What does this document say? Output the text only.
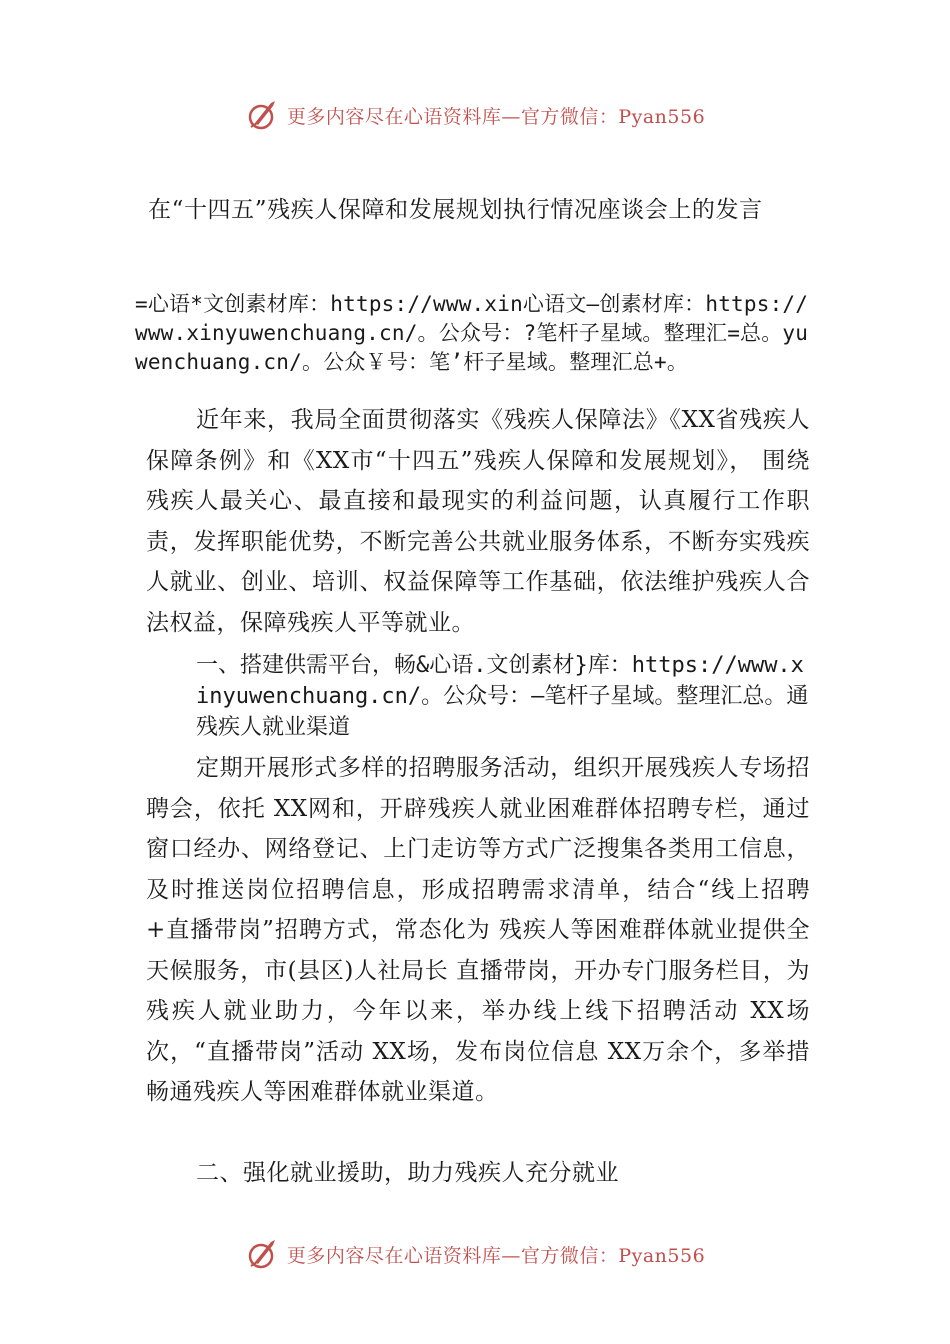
更多内容尽在心语资料库—官方微信：Pyan556
在“十四五”残疾人保障和发展规划执行情况座谈会上的发言
=心语*文创素材库：https://www.xin心语文—创素材库：https://www.xinyuwenchuang.cn/。公众号：?笔杆子星域。整理汇=总。yuwenchuang.cn/。公众￥号：笔’杆子星域。整理汇总+。
近年来，我局全面贯彻落实《残疾人保障法》《XX省残疾人保障条例》和《XX市“十四五”残疾人保障和发展规划》， 围绕残疾人最关心、最直接和最现实的利益问题，认真履行工作职责，发挥职能优势，不断完善公共就业服务体系，不断夯实残疾人就业、创业、培训、权益保障等工作基础，依法维护残疾人合法权益，保障残疾人平等就业。
一、搭建供需平台，畅&心语.文创素材}库：https://www.xinyuwenchuang.cn/。公众号：—笔杆子星域。整理汇总。通残疾人就业渠道
定期开展形式多样的招聘服务活动，组织开展残疾人专场招聘会，依托 XX网和，开辟残疾人就业困难群体招聘专栏，通过窗口经办、网络登记、上门走访等方式广泛搜集各类用工信息，及时推送岗位招聘信息，形成招聘需求清单，结合“线上招聘+直播带岗”招聘方式，常态化为 残疾人等困难群体就业提供全天候服务，市(县区)人社局长 直播带岗，开办专门服务栏目，为残疾人就业助力，今年以来，举办线上线下招聘活动 XX场次，“直播带岗”活动 XX场，发布岗位信息 XX万余个，多举措畅通残疾人等困难群体就业渠道。
二、强化就业援助，助力残疾人充分就业
更多内容尽在心语资料库—官方微信：Pyan556
